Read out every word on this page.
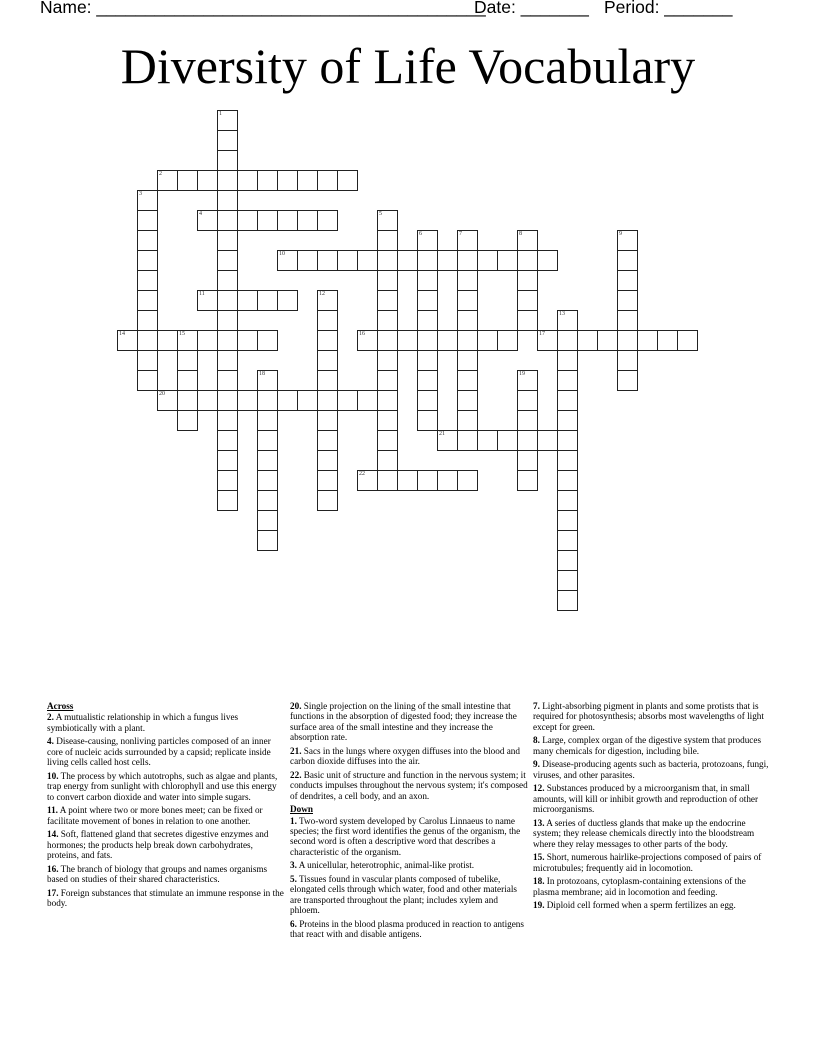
Name: ________________________________________
Date: _______ Period: _______
Diversity of Life Vocabulary
1
2
3
4	5
6	7	8	9
10
11	12
13
14	15	16	17
18	19
20
21
22
Across
2. A mutualistic relationship in which a fungus lives symbiotically with a plant.
4. Disease-causing, nonliving particles composed of an inner core of nucleic acids surrounded by a capsid; replicate inside living cells called host cells.
10. The process by which autotrophs, such as algae and plants, trap energy from sunlight with chlorophyll and use this energy to convert carbon dioxide and water into simple sugars.
11. A point where two or more bones meet; can be fixed or facilitate movement of bones in relation to one another.
14. Soft, flattened gland that secretes digestive enzymes and hormones; the products help break down carbohydrates, proteins, and fats.
16. The branch of biology that groups and names organisms based on studies of their shared characteristics.
17. Foreign substances that stimulate an immune response in the body.
20. Single projection on the lining of the small intestine that functions in the absorption of digested food; they increase the surface area of the small intestine and they increase the absorption rate.
21. Sacs in the lungs where oxygen diffuses into the blood and carbon dioxide diffuses into the air.
22. Basic unit of structure and function in the nervous system; it conducts impulses throughout the nervous system; it's composed of dendrites, a cell body, and an axon.
Down
1. Two-word system developed by Carolus Linnaeus to name species; the first word identifies the genus of the organism, the second word is often a descriptive word that describes a characteristic of the organism.
3. A unicellular, heterotrophic, animal-like protist.
5. Tissues found in vascular plants composed of tubelike, elongated cells through which water, food and other materials are transported throughout the plant; includes xylem and phloem.
6. Proteins in the blood plasma produced in reaction to antigens that react with and disable antigens.
7. Light-absorbing pigment in plants and some protists that is required for photosynthesis; absorbs most wavelengths of light except for green.
8. Large, complex organ of the digestive system that produces many chemicals for digestion, including bile.
9. Disease-producing agents such as bacteria, protozoans, fungi, viruses, and other parasites.
12. Substances produced by a microorganism that, in small amounts, will kill or inhibit growth and reproduction of other microorganisms.
13. A series of ductless glands that make up the endocrine system; they release chemicals directly into the bloodstream where they relay messages to other parts of the body.
15. Short, numerous hairlike-projections composed of pairs of microtubules; frequently aid in locomotion.
18. In protozoans, cytoplasm-containing extensions of the plasma membrane; aid in locomotion and feeding.
19. Diploid cell formed when a sperm fertilizes an egg.
